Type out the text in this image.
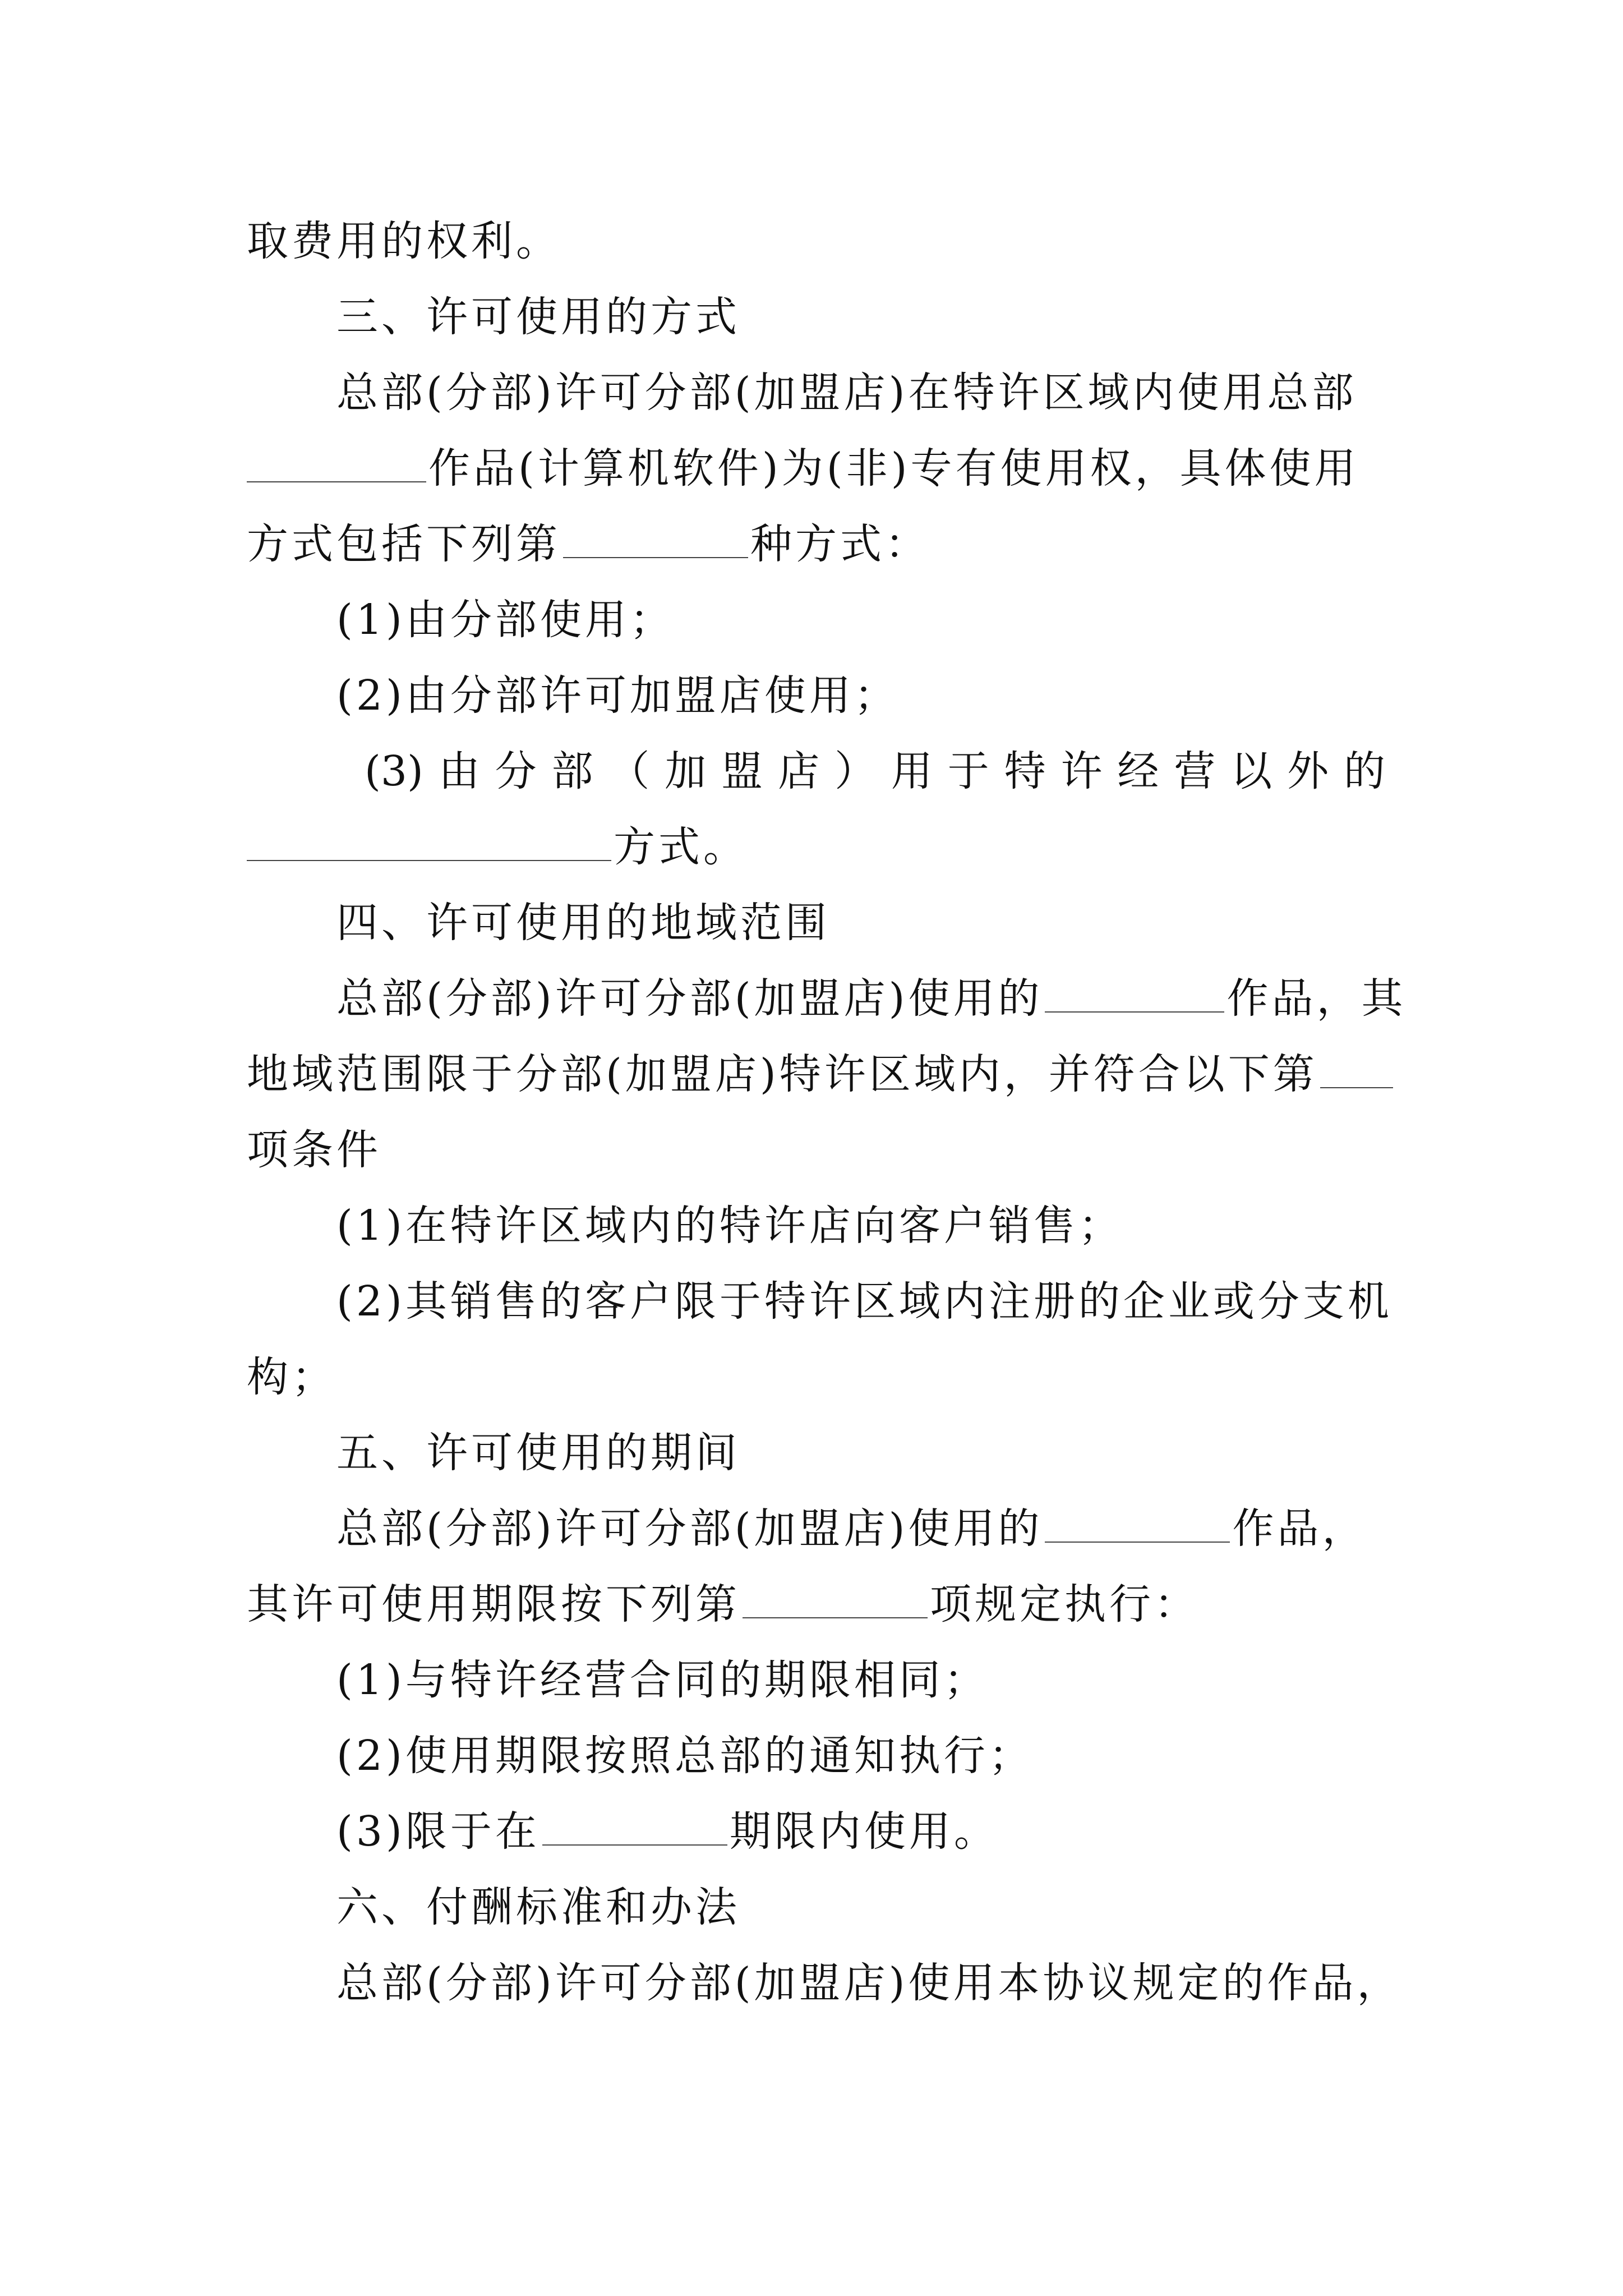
取费用的权利。
三、许可使用的方式
总部(分部)许可分部(加盟店)在特许区域内使用总部
作品(计算机软件)为(非)专有使用权，具体使用
方式包括下列第	种方式：
(1)由分部使用；
(2)由分部许可加盟店使用；
(3) 由 分 部 （ 加 盟 店 ） 用 于 特 许 经 营 以 外 的
方式。
四、许可使用的地域范围
总部(分部)许可分部(加盟店)使用的	作品，其
地域范围限于分部(加盟店)特许区域内，并符合以下第
项条件
(1)在特许区域内的特许店向客户销售；
(2)其销售的客户限于特许区域内注册的企业或分支机
构；
五、许可使用的期间
总部(分部)许可分部(加盟店)使用的	作品，
其许可使用期限按下列第	项规定执行：
(1)与特许经营合同的期限相同；
(2)使用期限按照总部的通知执行；
(3)限于在	期限内使用。
六、付酬标准和办法
总部(分部)许可分部(加盟店)使用本协议规定的作品，
